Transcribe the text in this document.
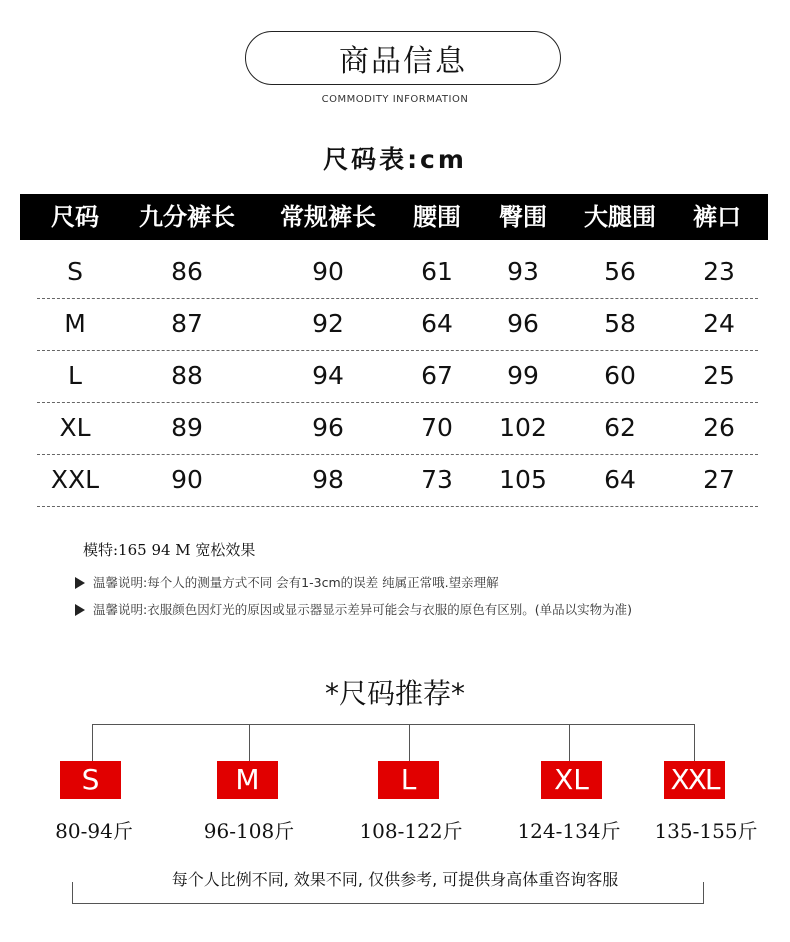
商品信息
COMMODITY INFORMATION
尺码表:cm
尺码 九分裤长 常规裤长 腰围 臀围 大腿围 裤口
S	86	90	61 93	56	23
M	87	92	64 96	58	24
L	88	94	67 99	60	25
XL	89	96	70 102 62	26
XXL	90	98	73 105 64	27
模特:165 94 M 宽松效果
温馨说明:每个人的测量方式不同 会有1-3cm的误差 纯属正常哦.望亲理解
温馨说明:衣服颜色因灯光的原因或显示器显示差异可能会与衣服的原色有区别。(单品以实物为准)
*尺码推荐*
S	M	L	XL	XXL
80-94斤	96-108斤	108-122斤	124-134斤 135-155斤
每个人比例不同, 效果不同, 仅供参考, 可提供身高体重咨询客服
